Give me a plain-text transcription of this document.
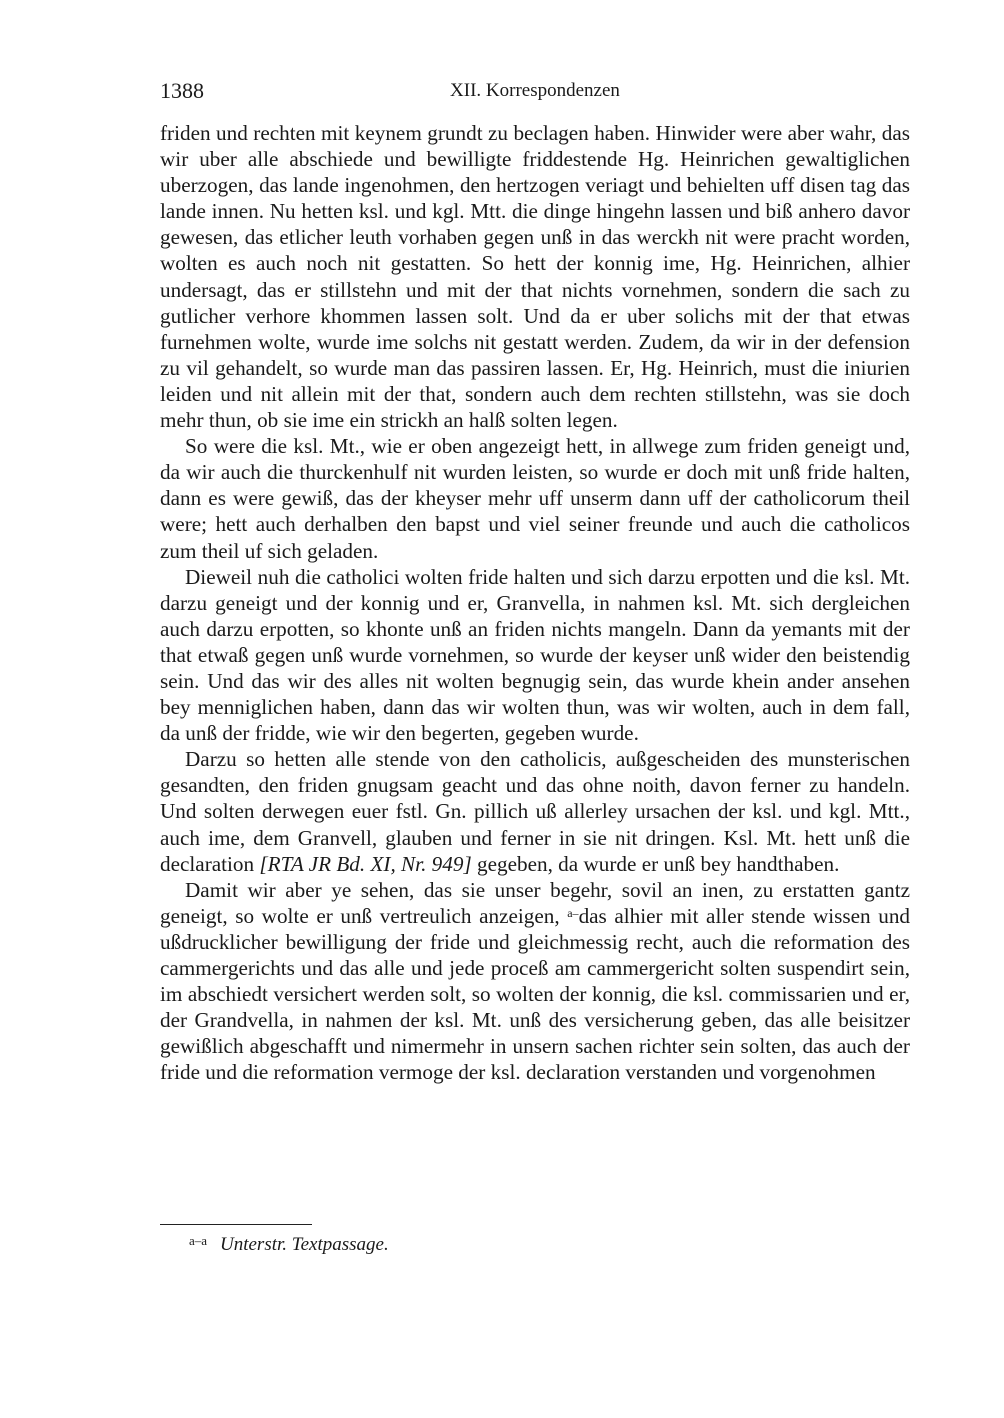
1388	XII. Korrespondenzen

friden und rechten mit keynem grundt zu beclagen haben. Hinwider were aber wahr, das wir uber alle abschiede und bewilligte friddestende Hg. Heinrichen gewaltiglichen uberzogen, das lande ingenohmen, den hertzogen veriagt und behielten uff disen tag das lande innen. Nu hetten ksl. und kgl. Mtt. die dinge hingehn lassen und biß anhero davor gewesen, das etlicher leuth vorhaben gegen unß in das werckh nit were pracht worden, wolten es auch noch nit gestatten. So hett der konnig ime, Hg. Heinrichen, alhier undersagt, das er stillstehn und mit der that nichts vornehmen, sondern die sach zu gutlicher verhore khommen lassen solt. Und da er uber solichs mit der that etwas furnehmen wolte, wurde ime solchs nit gestatt werden. Zudem, da wir in der defension zu vil gehandelt, so wurde man das passiren lassen. Er, Hg. Heinrich, must die iniurien leiden und nit allein mit der that, sondern auch dem rechten stillstehn, was sie doch mehr thun, ob sie ime ein strickh an halß solten legen.

So were die ksl. Mt., wie er oben angezeigt hett, in allwege zum friden geneigt und, da wir auch die thurckenhulf nit wurden leisten, so wurde er doch mit unß fride halten, dann es were gewiß, das der kheyser mehr uff unserm dann uff der catholicorum theil were; hett auch derhalben den bapst und viel seiner freunde und auch die catholicos zum theil uf sich geladen.

Dieweil nuh die catholici wolten fride halten und sich darzu erpotten und die ksl. Mt. darzu geneigt und der konnig und er, Granvella, in nahmen ksl. Mt. sich dergleichen auch darzu erpotten, so khonte unß an friden nichts mangeln. Dann da yemants mit der that etwaß gegen unß wurde vornehmen, so wurde der keyser unß wider den beistendig sein. Und das wir des alles nit wolten begnugig sein, das wurde khein ander ansehen bey menniglichen haben, dann das wir wolten thun, was wir wolten, auch in dem fall, da unß der fridde, wie wir den begerten, gegeben wurde.

Darzu so hetten alle stende von den catholicis, außgescheiden des munsterischen gesandten, den friden gnugsam geacht und das ohne noith, davon ferner zu handeln. Und solten derwegen euer fstl. Gn. pillich uß allerley ursachen der ksl. und kgl. Mtt., auch ime, dem Granvell, glauben und ferner in sie nit dringen. Ksl. Mt. hett unß die declaration [RTA JR Bd. XI, Nr. 949] gegeben, da wurde er unß bey handthaben.

Damit wir aber ye sehen, das sie unser begehr, sovil an inen, zu erstatten gantz geneigt, so wolte er unß vertreulich anzeigen, $^{a-}$das alhier mit aller stende wissen und ußdrucklicher bewilligung der fride und gleichmessig recht, auch die reformation des cammergerichts und das alle und jede proceß am cammergericht solten suspendirt sein, im abschiedt versichert werden solt, so wolten der konnig, die ksl. commissarien und er, der Grandvella, in nahmen der ksl. Mt. unß des versicherung geben, das alle beisitzer gewißlich abgeschafft und nimermehr in unsern sachen richter sein solten, das auch der fride und die reformation vermoge der ksl. declaration verstanden und vorgenohmen

a–a Unterstr. Textpassage.
